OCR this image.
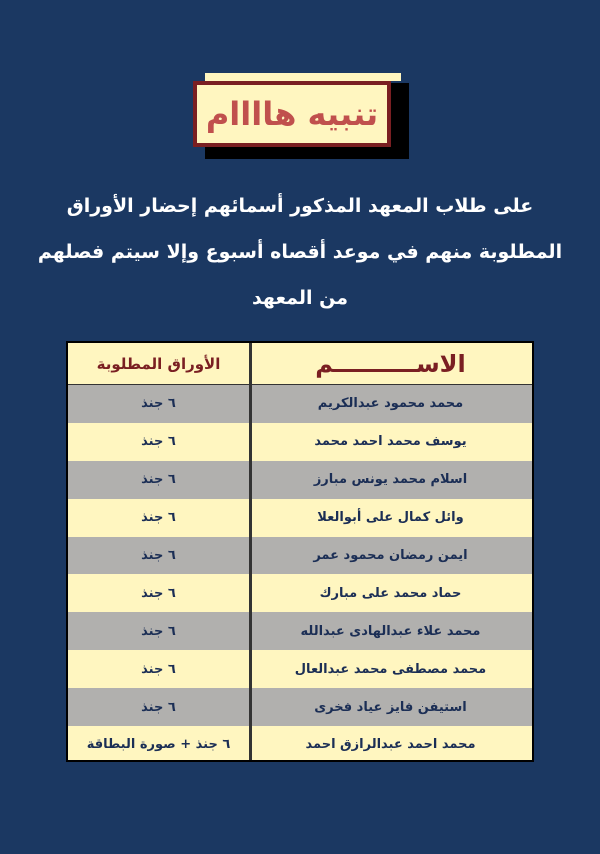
تنبيه هاااام
على طلاب المعهد المذكور أسمائهم إحضار الأوراق
المطلوبة منهم في موعد أقصاه أسبوع وإلا سيتم فصلهم
من المعهد
الاســــــــــم
الأوراق المطلوبة
محمد محمود عبدالكريم
٦ جنذ
يوسف محمد احمد محمد
٦ جنذ
اسلام محمد يونس مبارز
٦ جنذ
وائل كمال على أبوالعلا
٦ جنذ
ايمن رمضان محمود عمر
٦ جنذ
حماد محمد على مبارك
٦ جنذ
محمد علاء عبدالهادى عبدالله
٦ جنذ
محمد مصطفى محمد عبدالعال
٦ جنذ
استيفن فايز عياد فخرى
٦ جنذ
محمد احمد عبدالرازق احمد
٦ جنذ + صورة البطاقة
